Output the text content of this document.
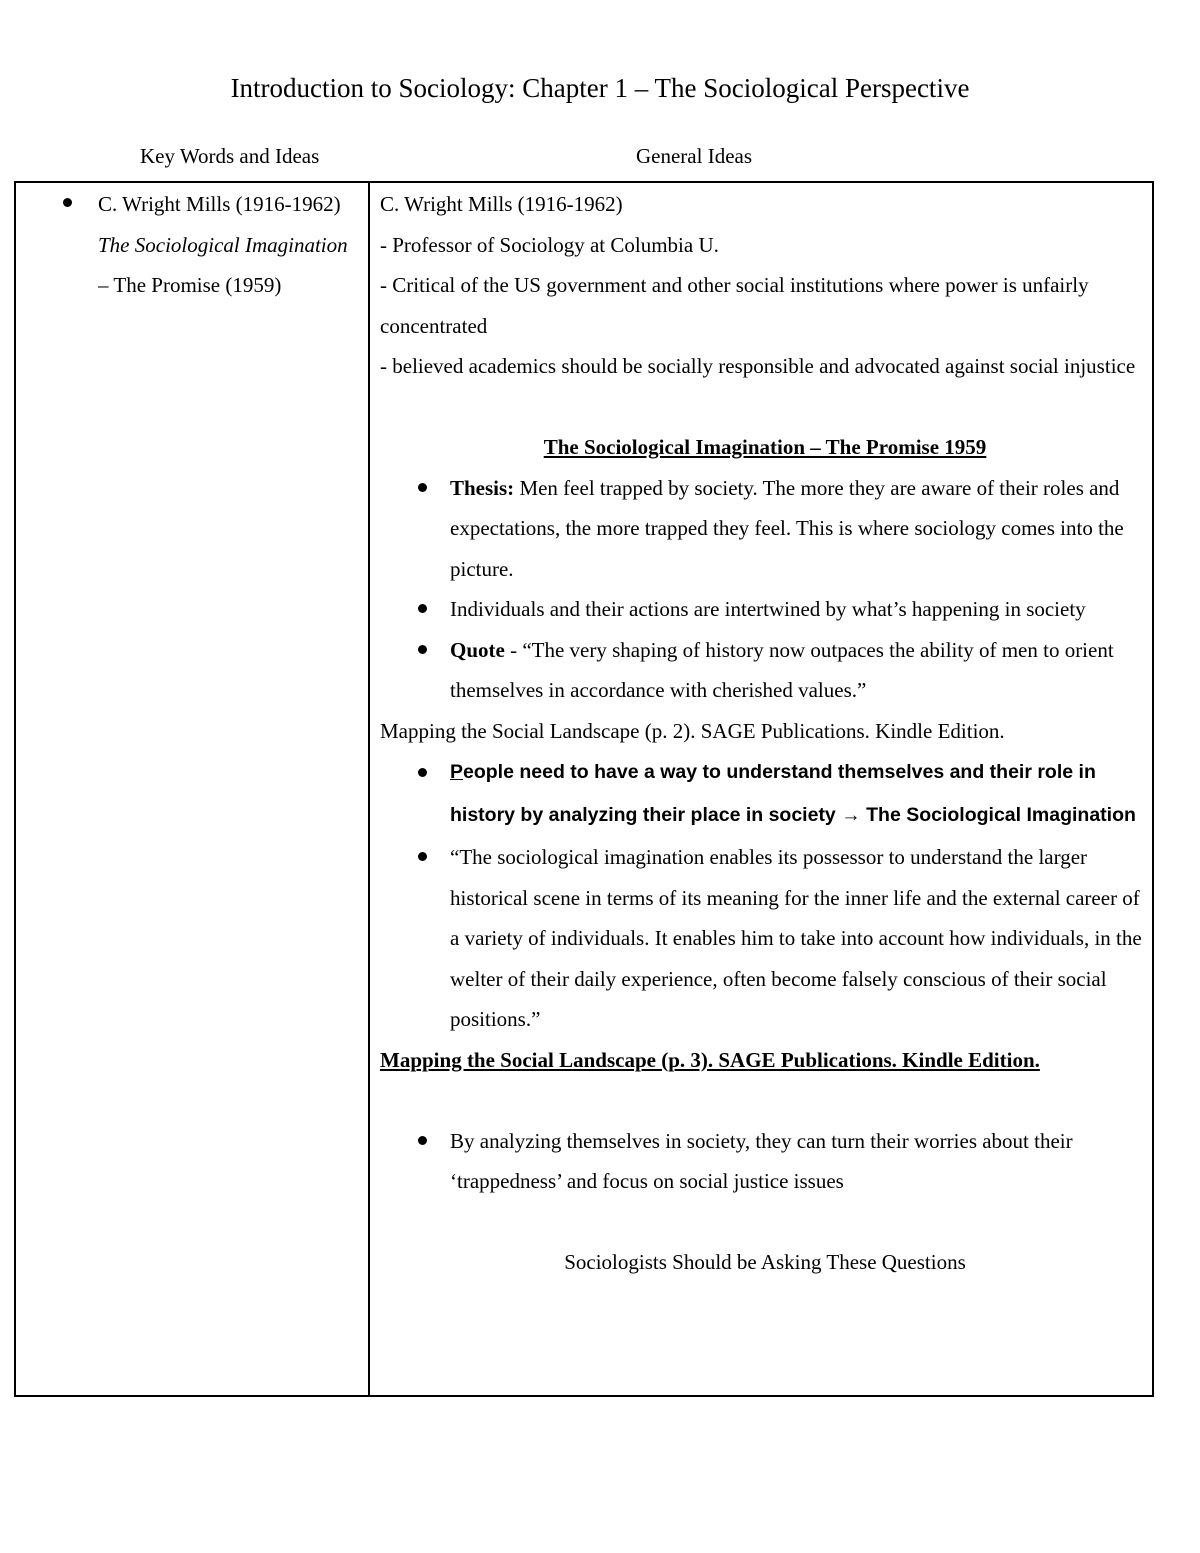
Introduction to Sociology: Chapter 1 – The Sociological Perspective
Key Words and Ideas	General Ideas
C. Wright Mills (1916-1962) The Sociological Imagination – The Promise (1959)

C. Wright Mills (1916-1962)

- Professor of Sociology at Columbia U.

- Critical of the US government and other social institutions where power is unfairly concentrated

- believed academics should be socially responsible and advocated against social injustice

The Sociological Imagination – The Promise 1959

Thesis: Men feel trapped by society. The more they are aware of their roles and expectations, the more trapped they feel. This is where sociology comes into the picture.
Individuals and their actions are intertwined by what’s happening in society
Quote - “The very shaping of history now outpaces the ability of men to orient themselves in accordance with cherished values.”

Mapping the Social Landscape (p. 2). SAGE Publications. Kindle Edition.

People need to have a way to understand themselves and their role in history by analyzing their place in society → The Sociological Imagination
“The sociological imagination enables its possessor to understand the larger historical scene in terms of its meaning for the inner life and the external career of a variety of individuals. It enables him to take into account how individuals, in the welter of their daily experience, often become falsely conscious of their social positions.”

Mapping the Social Landscape (p. 3). SAGE Publications. Kindle Edition.

By analyzing themselves in society, they can turn their worries about their ‘trappedness’ and focus on social justice issues

Sociologists Should be Asking These Questions
